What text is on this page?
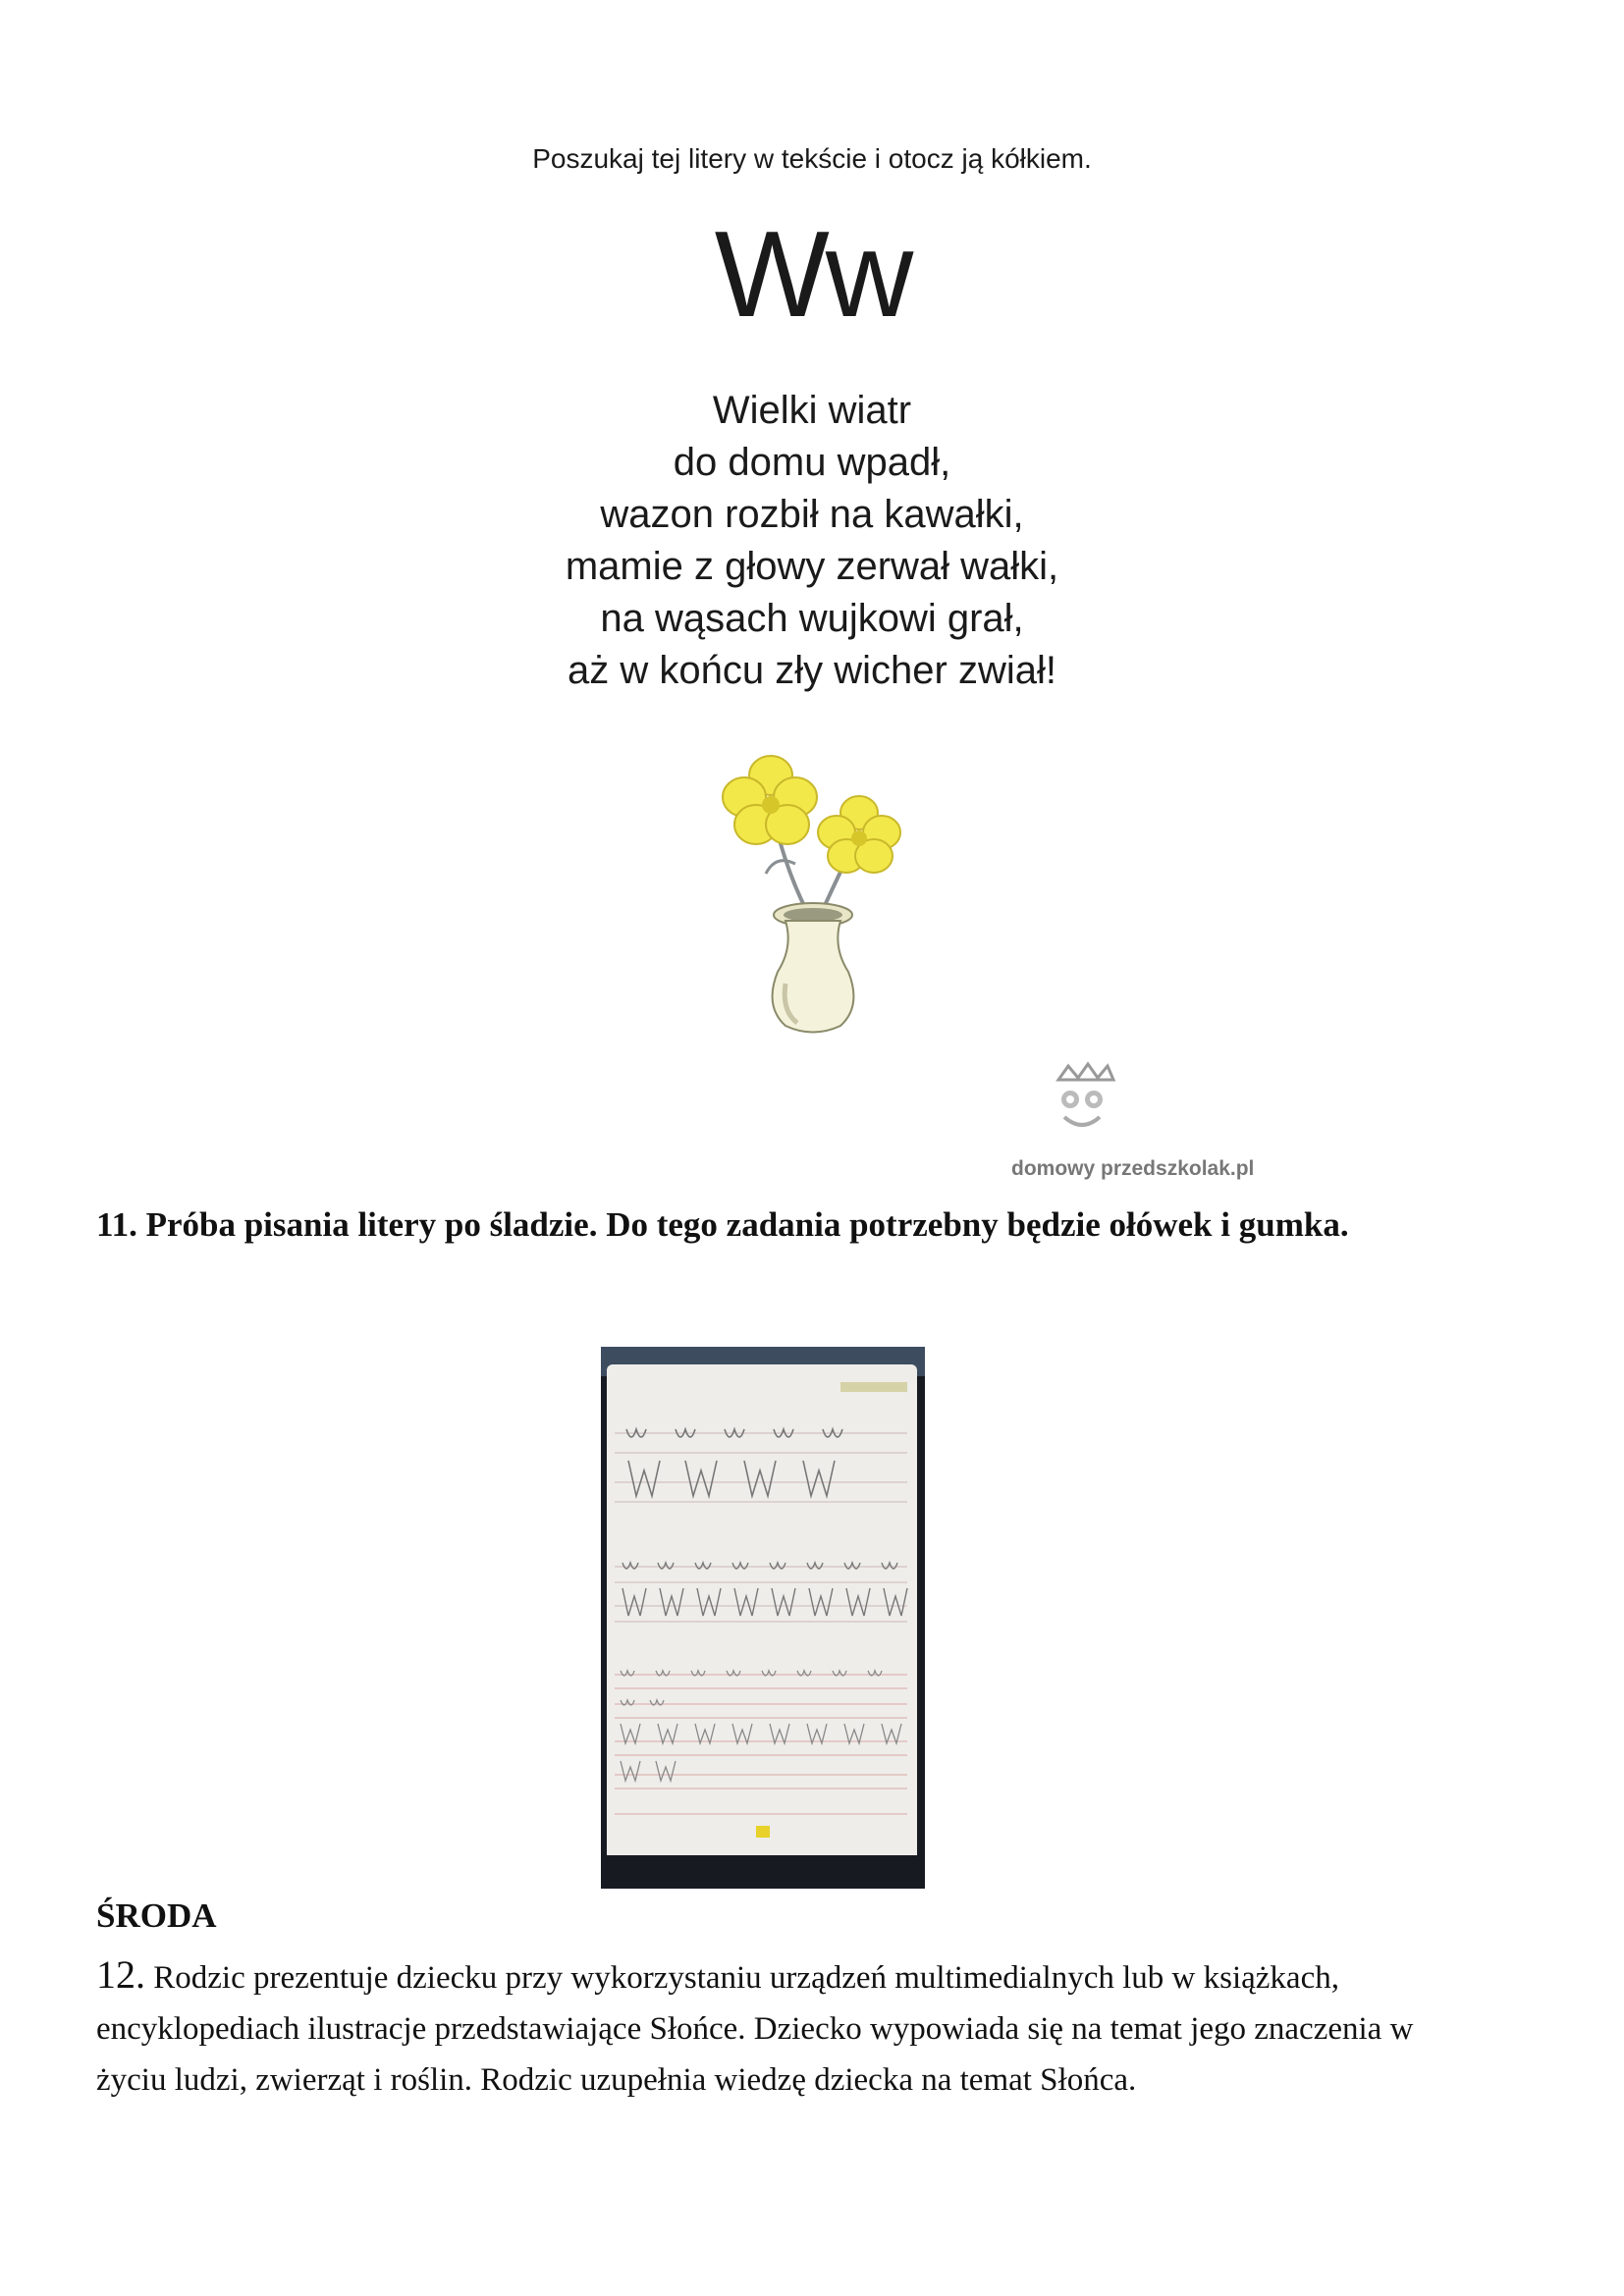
Poszukaj tej litery w tekście i otocz ją kółkiem.
Ww
Wielki wiatr
do domu wpadł,
wazon rozbił na kawałki,
mamie z głowy zerwał wałki,
na wąsach wujkowi grał,
aż w końcu zły wicher zwiał!
domowy przedszkolak.pl
11. Próba pisania litery po śladzie. Do tego zadania potrzebny będzie ołówek i gumka.
ŚRODA
12. Rodzic prezentuje dziecku przy wykorzystaniu urządzeń multimedialnych lub w książkach, encyklopediach ilustracje przedstawiające Słońce. Dziecko wypowiada się na temat jego znaczenia w życiu ludzi, zwierząt i roślin. Rodzic uzupełnia wiedzę dziecka na temat Słońca.
